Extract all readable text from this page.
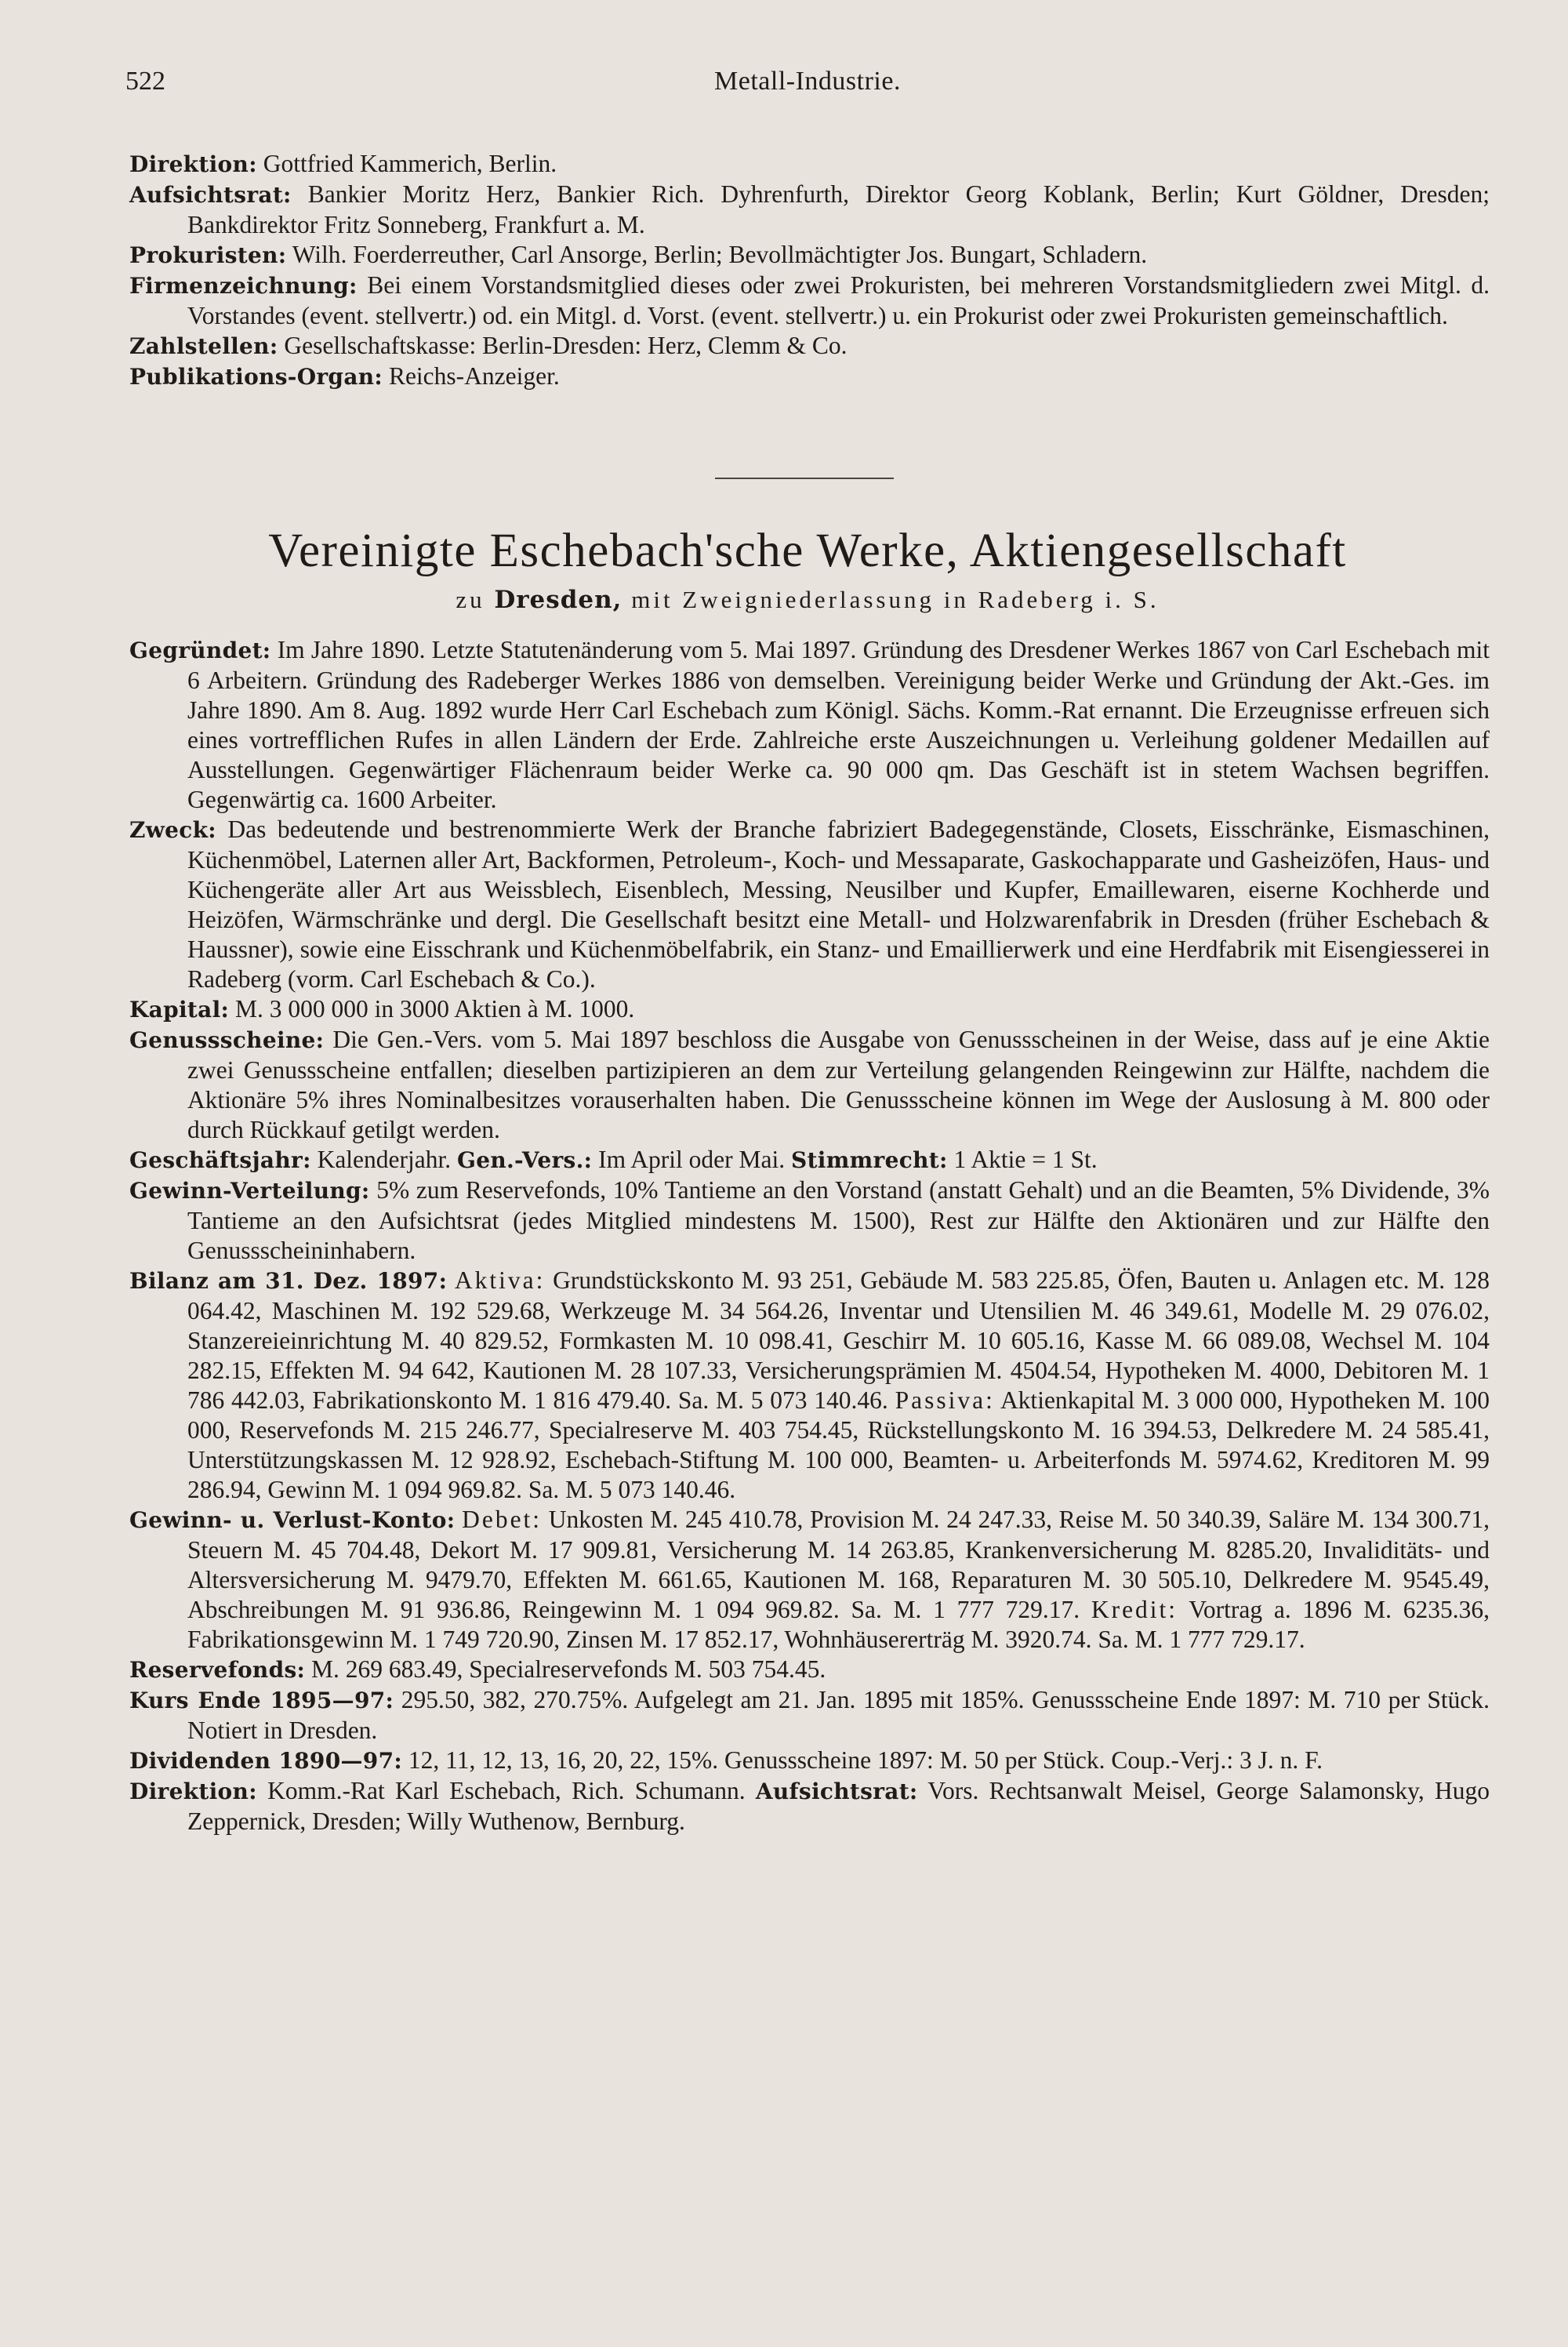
522	Metall-Industrie.

Direktion: Gottfried Kammerich, Berlin.

Aufsichtsrat: Bankier Moritz Herz, Bankier Rich. Dyhrenfurth, Direktor Georg Koblank, Berlin; Kurt Göldner, Dresden; Bankdirektor Fritz Sonneberg, Frankfurt a. M.

Prokuristen: Wilh. Foerderreuther, Carl Ansorge, Berlin; Bevollmächtigter Jos. Bungart, Schladern.

Firmenzeichnung: Bei einem Vorstandsmitglied dieses oder zwei Prokuristen, bei mehreren Vorstandsmitgliedern zwei Mitgl. d. Vorstandes (event. stellvertr.) od. ein Mitgl. d. Vorst. (event. stellvertr.) u. ein Prokurist oder zwei Prokuristen gemeinschaftlich.

Zahlstellen: Gesellschaftskasse: Berlin-Dresden: Herz, Clemm & Co.

Publikations-Organ: Reichs-Anzeiger.

Vereinigte Eschebach'sche Werke, Aktiengesellschaft
zu Dresden, mit Zweigniederlassung in Radeberg i. S.

Gegründet: Im Jahre 1890. Letzte Statutenänderung vom 5. Mai 1897. Gründung des Dresdener Werkes 1867 von Carl Eschebach mit 6 Arbeitern. Gründung des Radeberger Werkes 1886 von demselben. Vereinigung beider Werke und Gründung der Akt.-Ges. im Jahre 1890. Am 8. Aug. 1892 wurde Herr Carl Eschebach zum Königl. Sächs. Komm.-Rat ernannt. Die Erzeugnisse erfreuen sich eines vortrefflichen Rufes in allen Ländern der Erde. Zahlreiche erste Auszeichnungen u. Verleihung goldener Medaillen auf Ausstellungen. Gegenwärtiger Flächenraum beider Werke ca. 90 000 qm. Das Geschäft ist in stetem Wachsen begriffen. Gegenwärtig ca. 1600 Arbeiter.

Zweck: Das bedeutende und bestrenommierte Werk der Branche fabriziert Badegegenstände, Closets, Eisschränke, Eismaschinen, Küchenmöbel, Laternen aller Art, Backformen, Petroleum-, Koch- und Messaparate, Gaskochapparate und Gasheizöfen, Haus- und Küchengeräte aller Art aus Weissblech, Eisenblech, Messing, Neusilber und Kupfer, Emaillewaren, eiserne Kochherde und Heizöfen, Wärmschränke und dergl. Die Gesellschaft besitzt eine Metall- und Holzwarenfabrik in Dresden (früher Eschebach & Haussner), sowie eine Eisschrank und Küchenmöbelfabrik, ein Stanz- und Emaillierwerk und eine Herdfabrik mit Eisengiesserei in Radeberg (vorm. Carl Eschebach & Co.).

Kapital: M. 3 000 000 in 3000 Aktien à M. 1000.

Genussscheine: Die Gen.-Vers. vom 5. Mai 1897 beschloss die Ausgabe von Genussscheinen in der Weise, dass auf je eine Aktie zwei Genussscheine entfallen; dieselben partizipieren an dem zur Verteilung gelangenden Reingewinn zur Hälfte, nachdem die Aktionäre 5% ihres Nominalbesitzes vorauserhalten haben. Die Genussscheine können im Wege der Auslosung à M. 800 oder durch Rückkauf getilgt werden.

Geschäftsjahr: Kalenderjahr. Gen.-Vers.: Im April oder Mai. Stimmrecht: 1 Aktie = 1 St.

Gewinn-Verteilung: 5% zum Reservefonds, 10% Tantieme an den Vorstand (anstatt Gehalt) und an die Beamten, 5% Dividende, 3% Tantieme an den Aufsichtsrat (jedes Mitglied mindestens M. 1500), Rest zur Hälfte den Aktionären und zur Hälfte den Genussscheininhabern.

Bilanz am 31. Dez. 1897: Aktiva: Grundstückskonto M. 93 251, Gebäude M. 583 225.85, Öfen, Bauten u. Anlagen etc. M. 128 064.42, Maschinen M. 192 529.68, Werkzeuge M. 34 564.26, Inventar und Utensilien M. 46 349.61, Modelle M. 29 076.02, Stanzereieinrichtung M. 40 829.52, Formkasten M. 10 098.41, Geschirr M. 10 605.16, Kasse M. 66 089.08, Wechsel M. 104 282.15, Effekten M. 94 642, Kautionen M. 28 107.33, Versicherungsprämien M. 4504.54, Hypotheken M. 4000, Debitoren M. 1 786 442.03, Fabrikationskonto M. 1 816 479.40. Sa. M. 5 073 140.46. Passiva: Aktienkapital M. 3 000 000, Hypotheken M. 100 000, Reservefonds M. 215 246.77, Specialreserve M. 403 754.45, Rückstellungskonto M. 16 394.53, Delkredere M. 24 585.41, Unterstützungskassen M. 12 928.92, Eschebach-Stiftung M. 100 000, Beamten- u. Arbeiterfonds M. 5974.62, Kreditoren M. 99 286.94, Gewinn M. 1 094 969.82. Sa. M. 5 073 140.46.

Gewinn- u. Verlust-Konto: Debet: Unkosten M. 245 410.78, Provision M. 24 247.33, Reise M. 50 340.39, Saläre M. 134 300.71, Steuern M. 45 704.48, Dekort M. 17 909.81, Versicherung M. 14 263.85, Krankenversicherung M. 8285.20, Invaliditäts- und Altersversicherung M. 9479.70, Effekten M. 661.65, Kautionen M. 168, Reparaturen M. 30 505.10, Delkredere M. 9545.49, Abschreibungen M. 91 936.86, Reingewinn M. 1 094 969.82. Sa. M. 1 777 729.17. Kredit: Vortrag a. 1896 M. 6235.36, Fabrikationsgewinn M. 1 749 720.90, Zinsen M. 17 852.17, Wohnhäusererträg M. 3920.74. Sa. M. 1 777 729.17.

Reservefonds: M. 269 683.49, Specialreservefonds M. 503 754.45.

Kurs Ende 1895—97: 295.50, 382, 270.75%. Aufgelegt am 21. Jan. 1895 mit 185%. Genussscheine Ende 1897: M. 710 per Stück. Notiert in Dresden.

Dividenden 1890—97: 12, 11, 12, 13, 16, 20, 22, 15%. Genussscheine 1897: M. 50 per Stück. Coup.-Verj.: 3 J. n. F.

Direktion: Komm.-Rat Karl Eschebach, Rich. Schumann. Aufsichtsrat: Vors. Rechtsanwalt Meisel, George Salamonsky, Hugo Zeppernick, Dresden; Willy Wuthenow, Bernburg.
